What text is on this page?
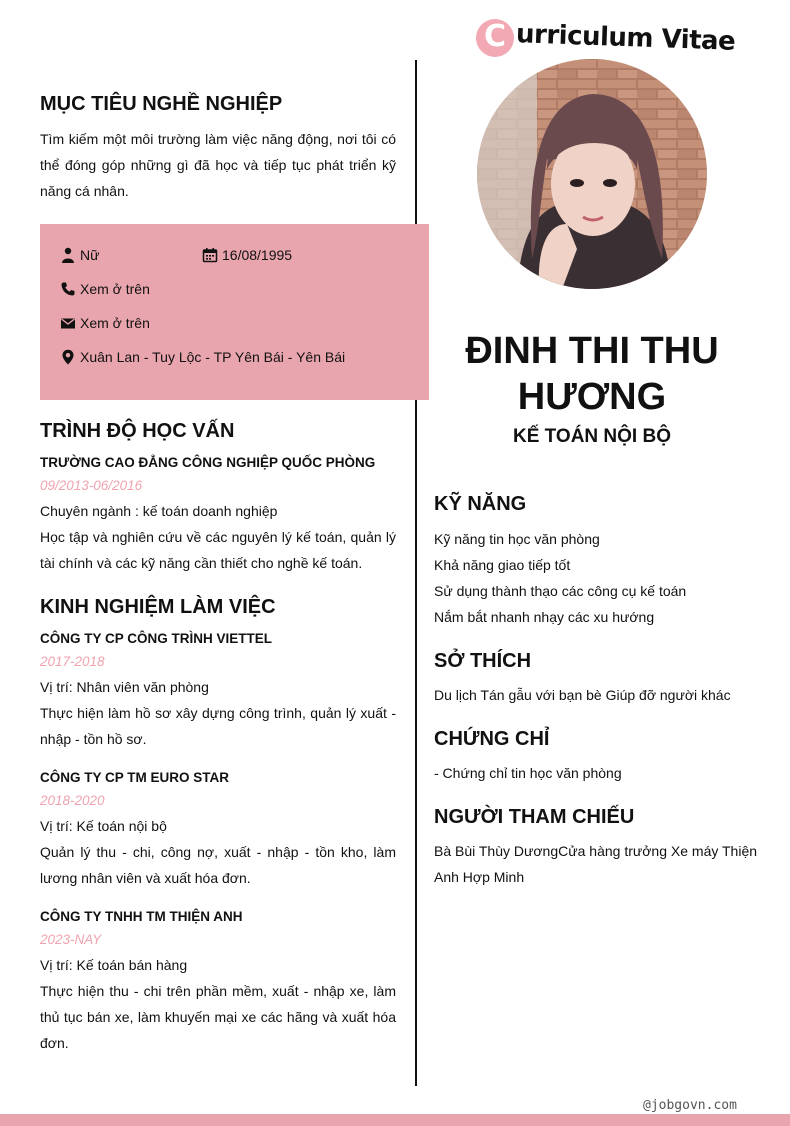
C urriculum Vitae
MỤC TIÊU NGHỀ NGHIỆP
Tìm kiếm một môi trường làm việc năng động, nơi tôi có thể đóng góp những gì đã học và tiếp tục phát triển kỹ năng cá nhân.
Nữ	16/08/1995
Xem ở trên
Xem ở trên
Xuân Lan - Tuy Lộc - TP Yên Bái - Yên Bái
TRÌNH ĐỘ HỌC VẤN
TRƯỜNG CAO ĐẲNG CÔNG NGHIỆP QUỐC PHÒNG
09/2013-06/2016
Chuyên ngành : kế toán doanh nghiệp
Học tập và nghiên cứu về các nguyên lý kế toán, quản lý tài chính và các kỹ năng cần thiết cho nghề kế toán.
KINH NGHIỆM LÀM VIỆC
CÔNG TY CP CÔNG TRÌNH VIETTEL
2017-2018
Vị trí: Nhân viên văn phòng
Thực hiện làm hồ sơ xây dựng công trình, quản lý xuất - nhập - tồn hồ sơ.
CÔNG TY CP TM EURO STAR
2018-2020
Vị trí: Kế toán nội bộ
Quản lý thu - chi, công nợ, xuất - nhập - tồn kho, làm lương nhân viên và xuất hóa đơn.
CÔNG TY TNHH TM THIỆN ANH
2023-NAY
Vị trí: Kế toán bán hàng
Thực hiện thu - chi trên phần mềm, xuất - nhập xe, làm thủ tục bán xe, làm khuyến mại xe các hãng và xuất hóa đơn.
ĐINH THI THU HƯƠNG
KẾ TOÁN NỘI BỘ
KỸ NĂNG
Kỹ năng tin học văn phòng
Khả năng giao tiếp tốt
Sử dụng thành thạo các công cụ kế toán
Nắm bắt nhanh nhạy các xu hướng
SỞ THÍCH
Du lịch Tán gẫu với bạn bè Giúp đỡ người khác
CHỨNG CHỈ
- Chứng chỉ tin học văn phòng
NGƯỜI THAM CHIẾU
Bà Bùi Thùy DươngCửa hàng trưởng Xe máy Thiện Anh Hợp Minh
@jobgovn.com
